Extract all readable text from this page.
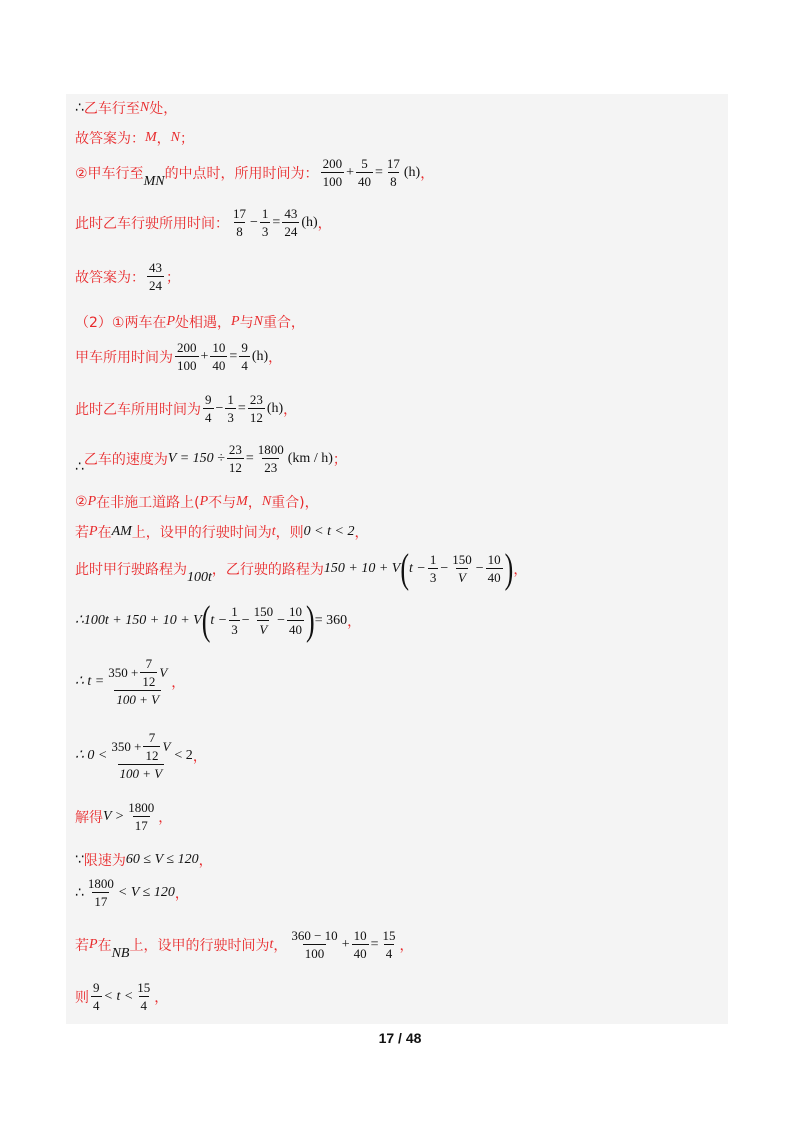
∴ 乙车行至 N 处，
故答案为： M ， N ；
②甲车行至 MN 的中点时，所用时间为： $\frac{200}{100} + \frac{5}{40} = \frac{17}{8} (h)$ ，
此时乙车行驶所用时间： $\frac{17}{8} - \frac{1}{3} = \frac{43}{24} (h)$ ，
故答案为： $\frac{43}{24}$ ；
（2）①两车在 P 处相遇， P 与 N 重合，
甲车所用时间为 $\frac{200}{100} + \frac{10}{40} = \frac{9}{4} (h)$ ，
此时乙车所用时间为 $\frac{9}{4} - \frac{1}{3} = \frac{23}{12} (h)$ ，
∴ 乙车的速度为 $V = 150 \div \frac{23}{12} = \frac{1800}{23} (km / h)$ ；
② P 在非施工道路上( P 不与 M ， N 重合)，
若 P 在 AM 上，设甲的行驶时间为 t ，则 0 < t < 2 ，
此时甲行驶路程为 100t ，乙行驶的路程为 150 + 10 + V ( $t - \frac{1}{3} - \frac{150}{V} - \frac{10}{40}$ ) ，
∴100t + 150 + 10 + V ( $t - \frac{1}{3} - \frac{150}{V} - \frac{10}{40}$ ) = 360 ，
∴ $t = \frac{350 + \frac{7}{12} V}{100 + V}$ ，
∴ $0 < \frac{350 + \frac{7}{12} V}{100 + V} < 2$ ，
解得 $V > \frac{1800}{17}$ ，
∵ 限速为 60 ≤ V ≤ 120 ，
∴ $\frac{1800}{17} < V \le 120$ ，
若 P 在 NB 上，设甲的行驶时间为 t ， $\frac{360 - 10}{100} + \frac{10}{40} = \frac{15}{4}$ ，
则 $\frac{9}{4} < t < \frac{15}{4}$ ，
17 / 48
